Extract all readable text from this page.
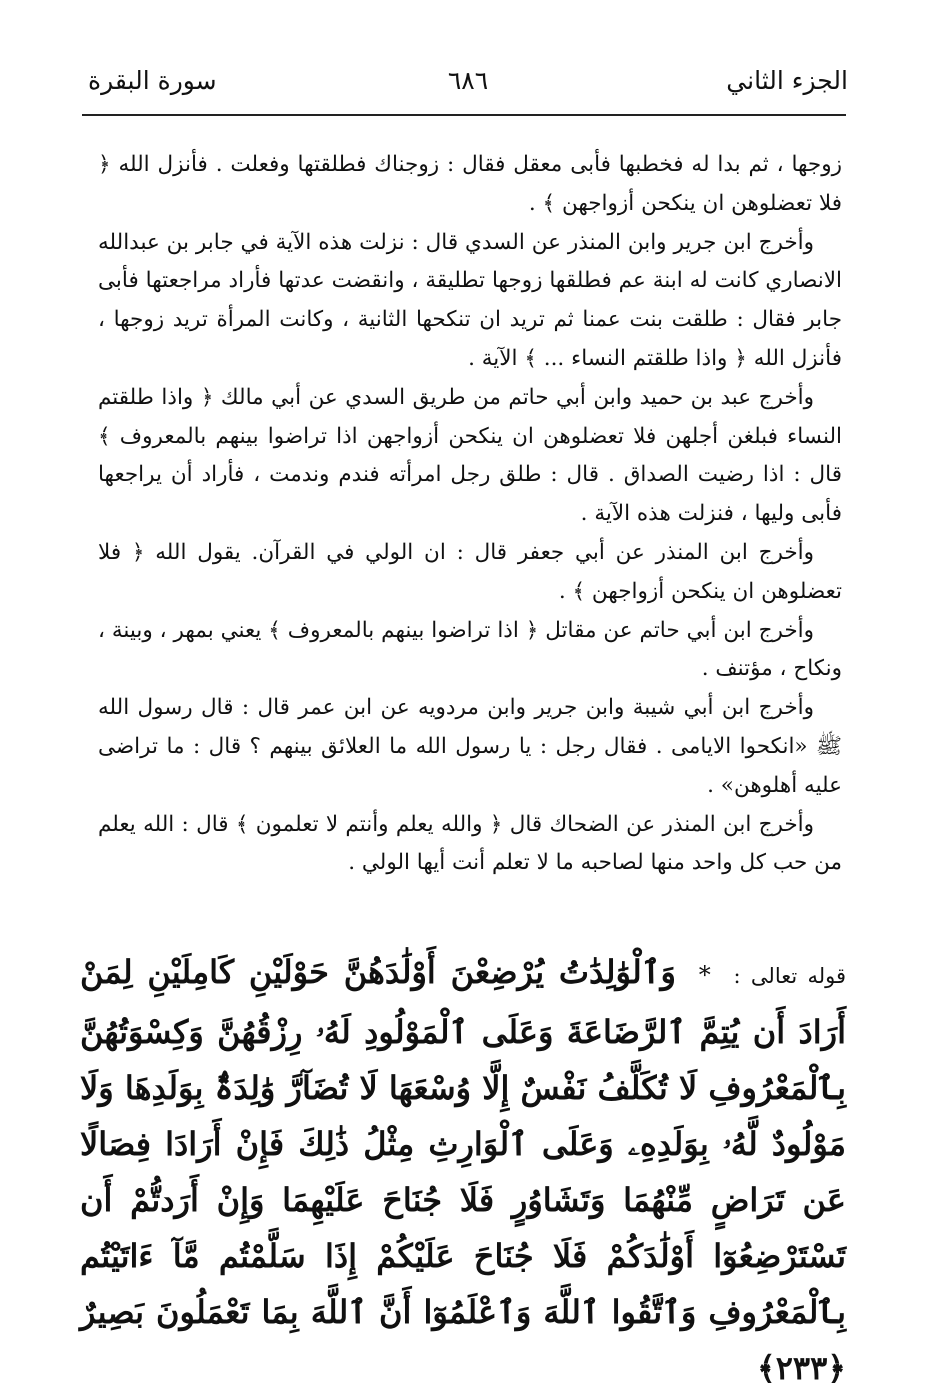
الجزء الثاني
٦٨٦
سورة البقرة

زوجها ، ثم بدا له فخطبها فأبى معقل فقال : زوجناك فطلقتها وفعلت . فأنزل الله ﴿ فلا تعضلوهن ان ينكحن أزواجهن ﴾ .

وأخرج ابن جرير وابن المنذر عن السدي قال : نزلت هذه الآية في جابر بن عبدالله الانصاري كانت له ابنة عم فطلقها زوجها تطليقة ، وانقضت عدتها فأراد مراجعتها فأبى جابر فقال : طلقت بنت عمنا ثم تريد ان تنكحها الثانية ، وكانت المرأة تريد زوجها ، فأنزل الله ﴿ واذا طلقتم النساء ... ﴾ الآية .

وأخرج عبد بن حميد وابن أبي حاتم من طريق السدي عن أبي مالك ﴿ واذا طلقتم النساء فبلغن أجلهن فلا تعضلوهن ان ينكحن أزواجهن اذا تراضوا بينهم بالمعروف ﴾ قال : اذا رضيت الصداق . قال : طلق رجل امرأته فندم وندمت ، فأراد أن يراجعها فأبى وليها ، فنزلت هذه الآية .

وأخرج ابن المنذر عن أبي جعفر قال : ان الولي في القرآن. يقول الله ﴿ فلا تعضلوهن ان ينكحن أزواجهن ﴾ .

وأخرج ابن أبي حاتم عن مقاتل ﴿ اذا تراضوا بينهم بالمعروف ﴾ يعني بمهر ، وبينة ، ونكاح ، مؤتنف .

وأخرج ابن أبي شيبة وابن جرير وابن مردويه عن ابن عمر قال : قال رسول الله ﷺ «انكحوا الايامى . فقال رجل : يا رسول الله ما العلائق بينهم ؟ قال : ما تراضى عليه أهلوهن» .

وأخرج ابن المنذر عن الضحاك قال ﴿ والله يعلم وأنتم لا تعلمون ﴾ قال : الله يعلم من حب كل واحد منها لصاحبه ما لا تعلم أنت أيها الولي .

قوله تعالى : * وَٱلْوَٰلِدَٰتُ يُرْضِعْنَ أَوْلَٰدَهُنَّ حَوْلَيْنِ كَامِلَيْنِ لِمَنْ أَرَادَ أَن يُتِمَّ ٱلرَّضَاعَةَ وَعَلَى ٱلْمَوْلُودِ لَهُۥ رِزْقُهُنَّ وَكِسْوَتُهُنَّ بِٱلْمَعْرُوفِ لَا تُكَلَّفُ نَفْسٌ إِلَّا وُسْعَهَا لَا تُضَآرَّ وَٰلِدَةٌۢ بِوَلَدِهَا وَلَا مَوْلُودٌ لَّهُۥ بِوَلَدِهِۦ وَعَلَى ٱلْوَارِثِ مِثْلُ ذَٰلِكَ فَإِنْ أَرَادَا فِصَالًا عَن تَرَاضٍ مِّنْهُمَا وَتَشَاوُرٍ فَلَا جُنَاحَ عَلَيْهِمَا وَإِنْ أَرَدتُّمْ أَن تَسْتَرْضِعُوٓا أَوْلَٰدَكُمْ فَلَا جُنَاحَ عَلَيْكُمْ إِذَا سَلَّمْتُم مَّآ ءَاتَيْتُم بِٱلْمَعْرُوفِ وَٱتَّقُوا ٱللَّهَ وَٱعْلَمُوٓا أَنَّ ٱللَّهَ بِمَا تَعْمَلُونَ بَصِيرٌ ﴿٢٣٣﴾
